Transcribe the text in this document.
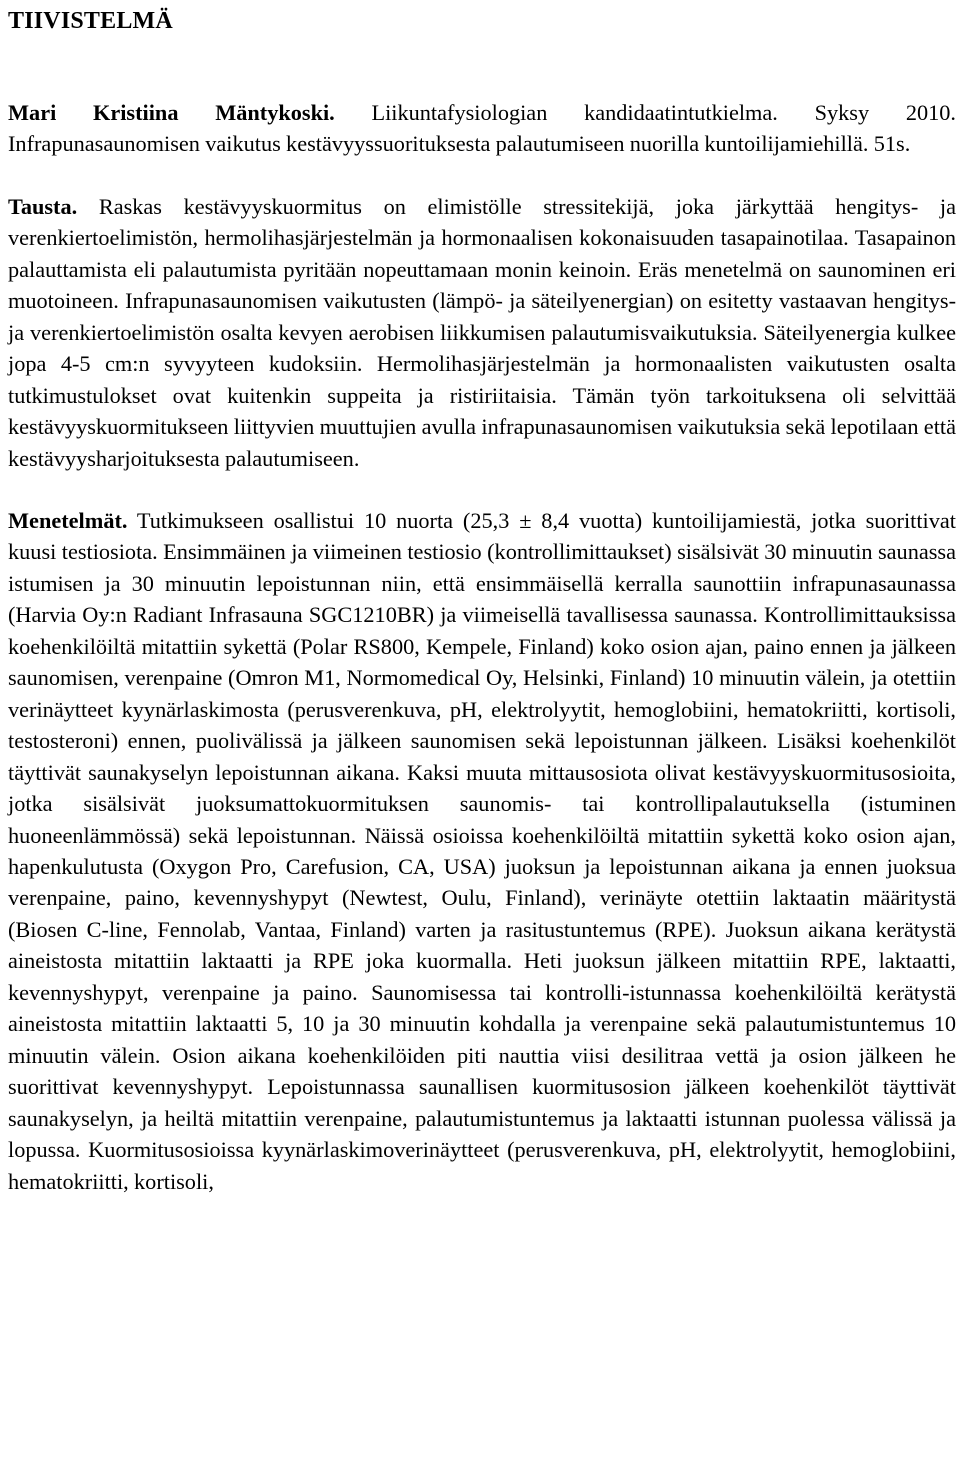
TIIVISTELMÄ

Mari Kristiina Mäntykoski. Liikuntafysiologian kandidaatintutkielma. Syksy 2010. Infrapunasaunomisen vaikutus kestävyyssuorituksesta palautumiseen nuorilla kuntoilijamiehillä. 51s.

Tausta. Raskas kestävyyskuormitus on elimistölle stressitekijä, joka järkyttää hengitys- ja verenkiertoelimistön, hermolihasjärjestelmän ja hormonaalisen kokonaisuuden tasapainotilaa. Tasapainon palauttamista eli palautumista pyritään nopeuttamaan monin keinoin. Eräs menetelmä on saunominen eri muotoineen. Infrapunasaunomisen vaikutusten (lämpö- ja säteilyenergian) on esitetty vastaavan hengitys- ja verenkiertoelimistön osalta kevyen aerobisen liikkumisen palautumisvaikutuksia. Säteilyenergia kulkee jopa 4-5 cm:n syvyyteen kudoksiin. Hermolihasjärjestelmän ja hormonaalisten vaikutusten osalta tutkimustulokset ovat kuitenkin suppeita ja ristiriitaisia. Tämän työn tarkoituksena oli selvittää kestävyyskuormitukseen liittyvien muuttujien avulla infrapunasaunomisen vaikutuksia sekä lepotilaan että kestävyysharjoituksesta palautumiseen.

Menetelmät. Tutkimukseen osallistui 10 nuorta (25,3 ± 8,4 vuotta) kuntoilijamiestä, jotka suorittivat kuusi testiosiota. Ensimmäinen ja viimeinen testiosio (kontrollimittaukset) sisälsivät 30 minuutin saunassa istumisen ja 30 minuutin lepoistunnan niin, että ensimmäisellä kerralla saunottiin infrapunasaunassa (Harvia Oy:n Radiant Infrasauna SGC1210BR) ja viimeisellä tavallisessa saunassa. Kontrollimittauksissa koehenkilöiltä mitattiin sykettä (Polar RS800, Kempele, Finland) koko osion ajan, paino ennen ja jälkeen saunomisen, verenpaine (Omron M1, Normomedical Oy, Helsinki, Finland) 10 minuutin välein, ja otettiin verinäytteet kyynärlaskimosta (perusverenkuva, pH, elektrolyytit, hemoglobiini, hematokriitti, kortisoli, testosteroni) ennen, puolivälissä ja jälkeen saunomisen sekä lepoistunnan jälkeen. Lisäksi koehenkilöt täyttivät saunakyselyn lepoistunnan aikana. Kaksi muuta mittausosiota olivat kestävyyskuormitusosioita, jotka sisälsivät juoksumattokuormituksen saunomis- tai kontrollipalautuksella (istuminen huoneenlämmössä) sekä lepoistunnan. Näissä osioissa koehenkilöiltä mitattiin sykettä koko osion ajan, hapenkulutusta (Oxygon Pro, Carefusion, CA, USA) juoksun ja lepoistunnan aikana ja ennen juoksua verenpaine, paino, kevennyshypyt (Newtest, Oulu, Finland), verinäyte otettiin laktaatin määritystä (Biosen C-line, Fennolab, Vantaa, Finland) varten ja rasitustuntemus (RPE). Juoksun aikana kerätystä aineistosta mitattiin laktaatti ja RPE joka kuormalla. Heti juoksun jälkeen mitattiin RPE, laktaatti, kevennyshypyt, verenpaine ja paino. Saunomisessa tai kontrolli-istunnassa koehenkilöiltä kerätystä aineistosta mitattiin laktaatti 5, 10 ja 30 minuutin kohdalla ja verenpaine sekä palautumistuntemus 10 minuutin välein. Osion aikana koehenkilöiden piti nauttia viisi desilitraa vettä ja osion jälkeen he suorittivat kevennyshypyt. Lepoistunnassa saunallisen kuormitusosion jälkeen koehenkilöt täyttivät saunakyselyn, ja heiltä mitattiin verenpaine, palautumistuntemus ja laktaatti istunnan puolessa välissä ja lopussa. Kuormitusosioissa kyynärlaskimoverinäytteet (perusverenkuva, pH, elektrolyytit, hemoglobiini, hematokriitti, kortisoli,
